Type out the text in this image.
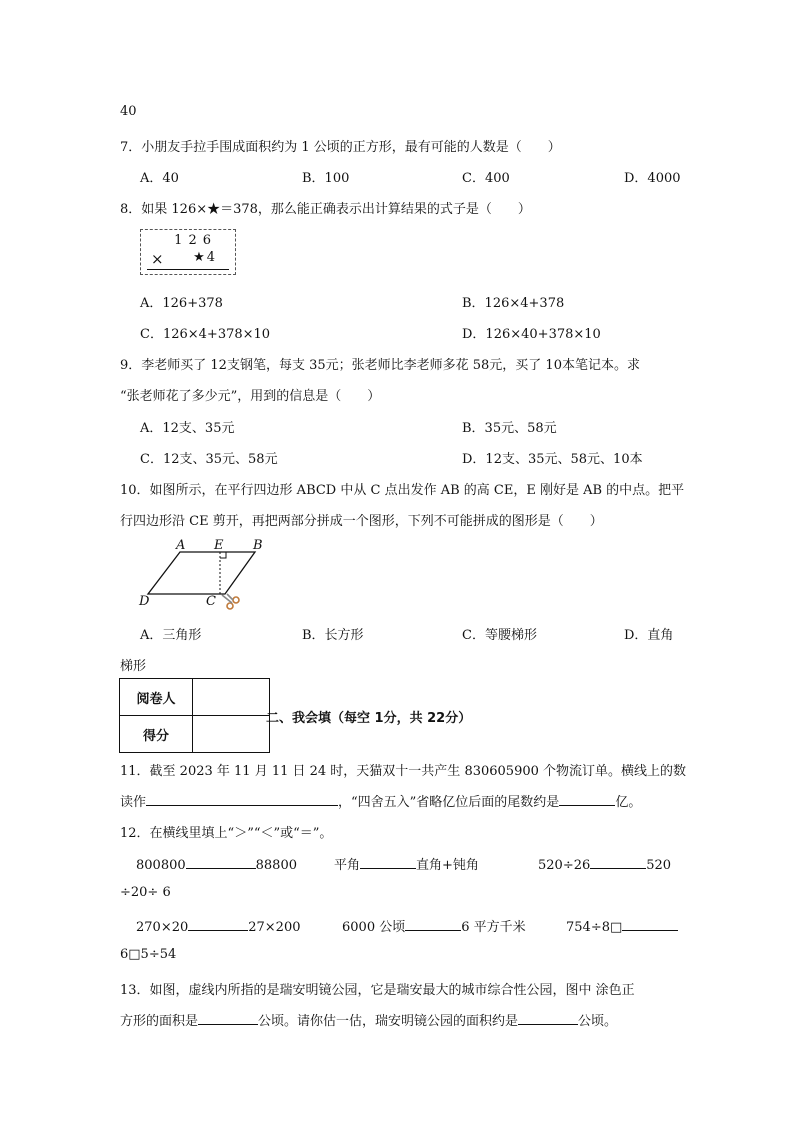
40
7．小朋友手拉手围成面积约为 1 公顷的正方形，最有可能的人数是（　　）
A．40	B．100	C．400	D．4000
8．如果 126×★＝378，那么能正确表示出计算结果的式子是（　　）
126
× ★4
A．126+378	B．126×4+378
C．126×4+378×10	D．126×40+378×10
9．李老师买了 12支钢笔，每支 35元；张老师比李老师多花 58元，买了 10本笔记本。求
“张老师花了多少元”，用到的信息是（　　）
A．12支、35元	B．35元、58元
C．12支、35元、58元	D．12支、35元、58元、10本
10．如图所示，在平行四边形 ABCD 中从 C 点出发作 AB 的高 CE，E 刚好是 AB 的中点。把平
行四边形沿 CE 剪开，再把两部分拼成一个图形，下列不可能拼成的图形是（　　）
A E B
D	C
A．三角形	B．长方形	C．等腰梯形	D．直角
梯形
阅卷人	
得分	
二、我会填（每空 1分，共 22分）
11．截至 2023 年 11 月 11 日 24 时，天猫双十一共产生 830605900 个物流订单。横线上的数
读作	，“四舍五入”省略亿位后面的尾数约是	亿。
12．在横线里填上“＞”“＜”或“＝”。
800800	88800	平角	直角+钝角	520÷26	520
÷20÷ 6
270×20	27×200	6000 公顷	6 平方千米	754÷8□
6□5÷54
13．如图，虚线内所指的是瑞安明镜公园，它是瑞安最大的城市综合性公园，图中 涂色正
方形的面积是	公顷。请你估一估，瑞安明镜公园的面积约是	公顷。
